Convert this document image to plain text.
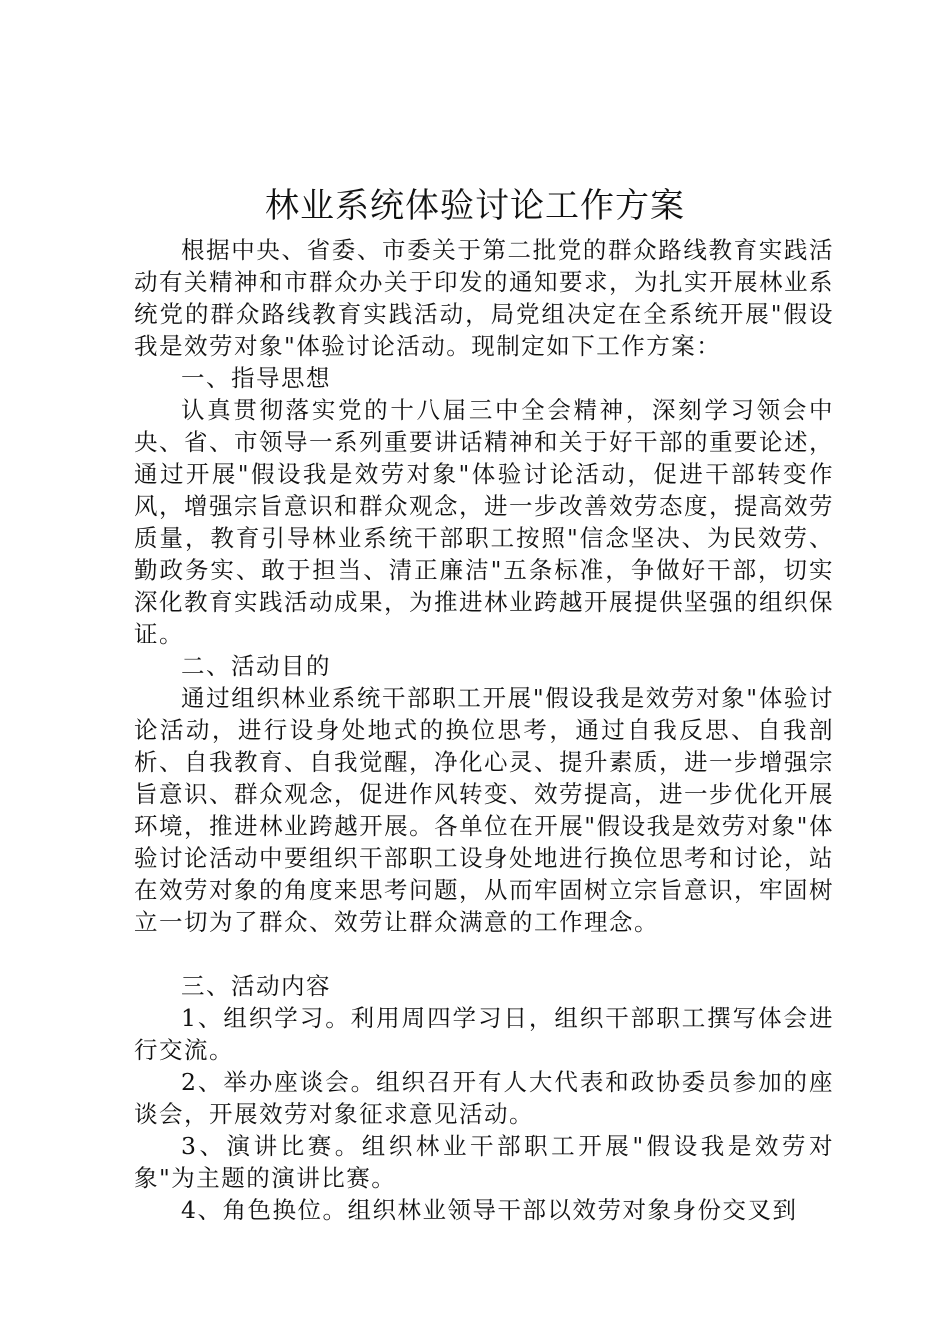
林业系统体验讨论工作方案

根据中央、省委、市委关于第二批党的群众路线教育实践活动有关精神和市群众办关于印发的通知要求，为扎实开展林业系统党的群众路线教育实践活动，局党组决定在全系统开展"假设我是效劳对象"体验讨论活动。现制定如下工作方案：

一、指导思想

认真贯彻落实党的十八届三中全会精神，深刻学习领会中央、省、市领导一系列重要讲话精神和关于好干部的重要论述，通过开展"假设我是效劳对象"体验讨论活动，促进干部转变作风，增强宗旨意识和群众观念，进一步改善效劳态度，提高效劳质量，教育引导林业系统干部职工按照"信念坚决、为民效劳、勤政务实、敢于担当、清正廉洁"五条标准，争做好干部，切实深化教育实践活动成果，为推进林业跨越开展提供坚强的组织保证。

二、活动目的

通过组织林业系统干部职工开展"假设我是效劳对象"体验讨论活动，进行设身处地式的换位思考，通过自我反思、自我剖析、自我教育、自我觉醒，净化心灵、提升素质，进一步增强宗旨意识、群众观念，促进作风转变、效劳提高，进一步优化开展环境，推进林业跨越开展。各单位在开展"假设我是效劳对象"体验讨论活动中要组织干部职工设身处地进行换位思考和讨论，站在效劳对象的角度来思考问题，从而牢固树立宗旨意识，牢固树立一切为了群众、效劳让群众满意的工作理念。

三、活动内容

1、组织学习。利用周四学习日，组织干部职工撰写体会进行交流。

2、举办座谈会。组织召开有人大代表和政协委员参加的座谈会，开展效劳对象征求意见活动。

3、演讲比赛。组织林业干部职工开展"假设我是效劳对象"为主题的演讲比赛。

4、角色换位。组织林业领导干部以效劳对象身份交叉到
